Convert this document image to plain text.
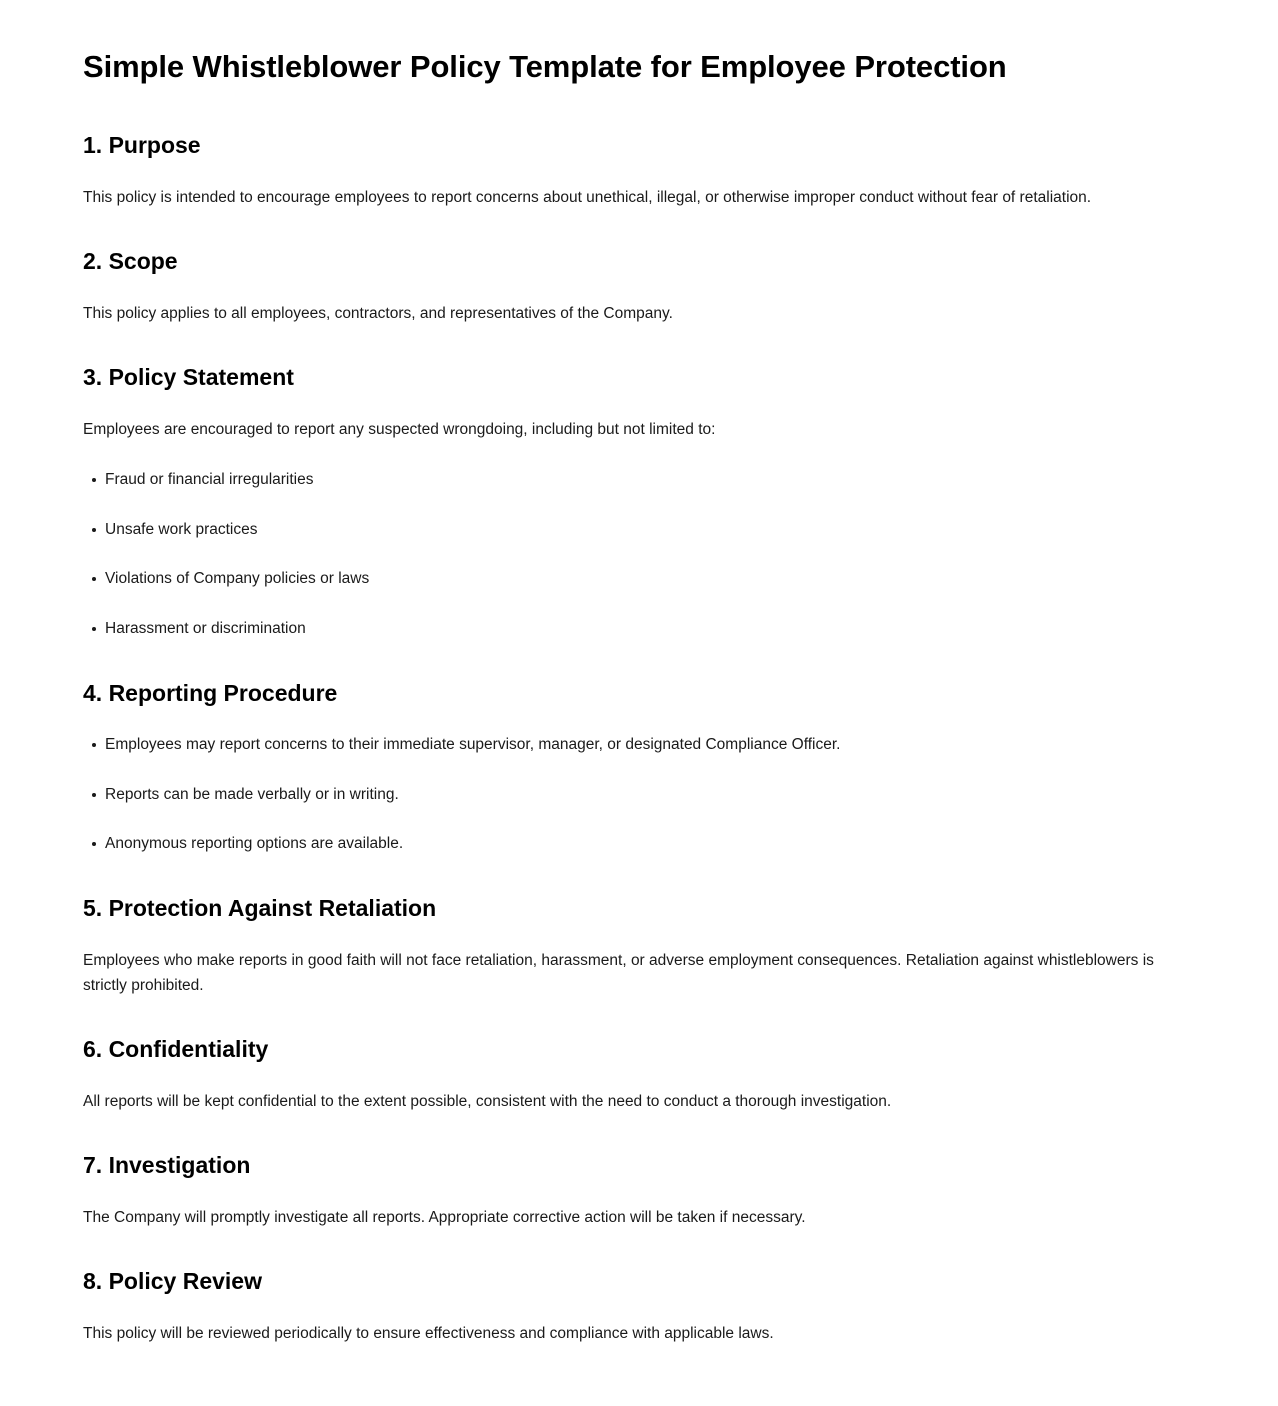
Simple Whistleblower Policy Template for Employee Protection
1. Purpose

This policy is intended to encourage employees to report concerns about unethical, illegal, or otherwise improper conduct without fear of retaliation.

2. Scope

This policy applies to all employees, contractors, and representatives of the Company.

3. Policy Statement

Employees are encouraged to report any suspected wrongdoing, including but not limited to:

Fraud or financial irregularities
Unsafe work practices
Violations of Company policies or laws
Harassment or discrimination
4. Reporting Procedure
Employees may report concerns to their immediate supervisor, manager, or designated Compliance Officer.
Reports can be made verbally or in writing.
Anonymous reporting options are available.
5. Protection Against Retaliation

Employees who make reports in good faith will not face retaliation, harassment, or adverse employment consequences. Retaliation against whistleblowers is strictly prohibited.

6. Confidentiality

All reports will be kept confidential to the extent possible, consistent with the need to conduct a thorough investigation.

7. Investigation

The Company will promptly investigate all reports. Appropriate corrective action will be taken if necessary.

8. Policy Review

This policy will be reviewed periodically to ensure effectiveness and compliance with applicable laws.
